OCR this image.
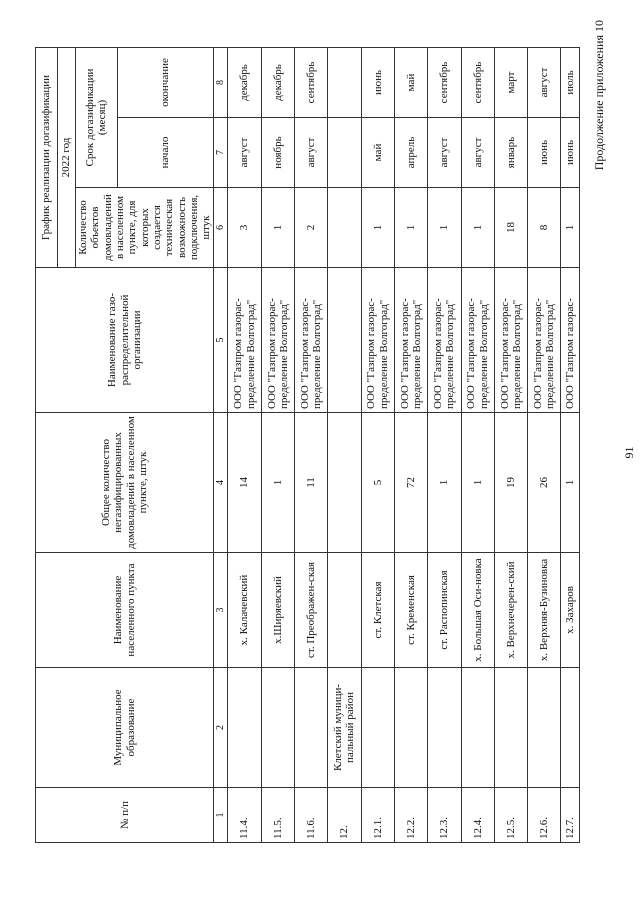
91
Продолжение приложения 10
№ п/п	Муниципальное образование	Наименование населенного пункта	Общее количество негазифицированных домовладений в населенном пункте, штук	Наименование газо-распределительной организации	График реализации догазификации		
					2022 год		
					Количество объектов домовладений в населенном пункте, для которых создается техническая возможность подключения, штук	Срок догазификации (месяц)	
						начало	окончание
1	2	3	4	5	6	7	8
11.4.		х. Калачевский	14	ООО "Газпром газорас-пределение Волгоград"	3	август	декабрь
11.5.		х.Ширяевский	1	ООО "Газпром газорас-пределение Волгоград"	1	ноябрь	декабрь
11.6.		ст. Преображен-ская	11	ООО "Газпром газорас-пределение Волгоград"	2	август	сентябрь
12.	Клетский муници-пальный район						
12.1.		ст. Клетская	5	ООО "Газпром газорас-пределение Волгоград"	1	май	июнь
12.2.		ст. Кременская	72	ООО "Газпром газорас-пределение Волгоград"	1	апрель	май
12.3.		ст. Распопинская	1	ООО "Газпром газорас-пределение Волгоград"	1	август	сентябрь
12.4.		х. Большая Оси-новка	1	ООО "Газпром газорас-пределение Волгоград"	1	август	сентябрь
12.5.		х. Верхнечерен-ский	19	ООО "Газпром газорас-пределение Волгоград"	18	январь	март
12.6.		х. Верхняя-Бузиновка	26	ООО "Газпром газорас-пределение Волгоград"	8	июнь	август
12.7.		х. Захаров	1	ООО "Газпром газорас-	1	июнь	июль
